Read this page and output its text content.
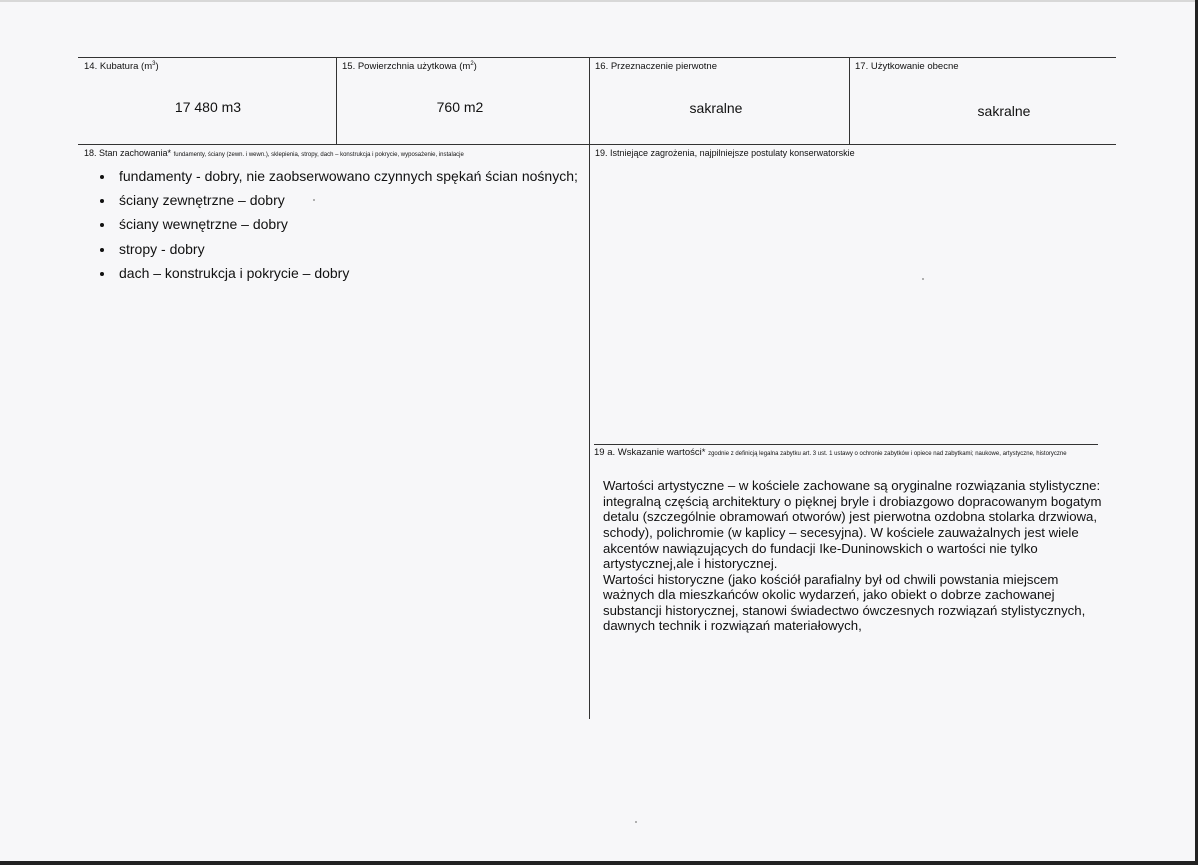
14. Kubatura $(m^3)$
17 480 m3
15. Powierzchnia użytkowa $(m^2)$
760 m2
16. Przeznaczenie pierwotne
sakralne
17. Użytkowanie obecne
sakralne
18. Stan zachowania* fundamenty, ściany (zewn. i wewn.), sklepienia, stropy, dach – konstrukcja i pokrycie, wyposażenie, instalacje
• fundamenty - dobry, nie zaobserwowano czynnych spękań ścian nośnych;
• ściany zewnętrzne – dobry
• ściany wewnętrzne – dobry
• stropy - dobry
• dach – konstrukcja i pokrycie – dobry
19. Istniejące zagrożenia, najpilniejsze postulaty konserwatorskie
19 a. Wskazanie wartości* zgodnie z definicją legalna zabytku art. 3 ust. 1 ustawy o ochronie zabytków i opiece nad zabytkami; naukowe, artystyczne, historyczne
Wartości artystyczne – w kościele zachowane są oryginalne rozwiązania stylistyczne:
integralną częścią architektury o pięknej bryle i drobiazgowo dopracowanym bogatym
detalu (szczególnie obramowań otworów) jest pierwotna ozdobna stolarka drzwiowa,
schody), polichromie (w kaplicy – secesyjna). W kościele zauważalnych jest wiele
akcentów nawiązujących do fundacji Ike-Duninowskich o wartości nie tylko
artystycznej,ale i historycznej.
Wartości historyczne (jako kościół parafialny był od chwili powstania miejscem
ważnych dla mieszkańców okolic wydarzeń, jako obiekt o dobrze zachowanej
substancji historycznej, stanowi świadectwo ówczesnych rozwiązań stylistycznych,
dawnych technik i rozwiązań materiałowych,
